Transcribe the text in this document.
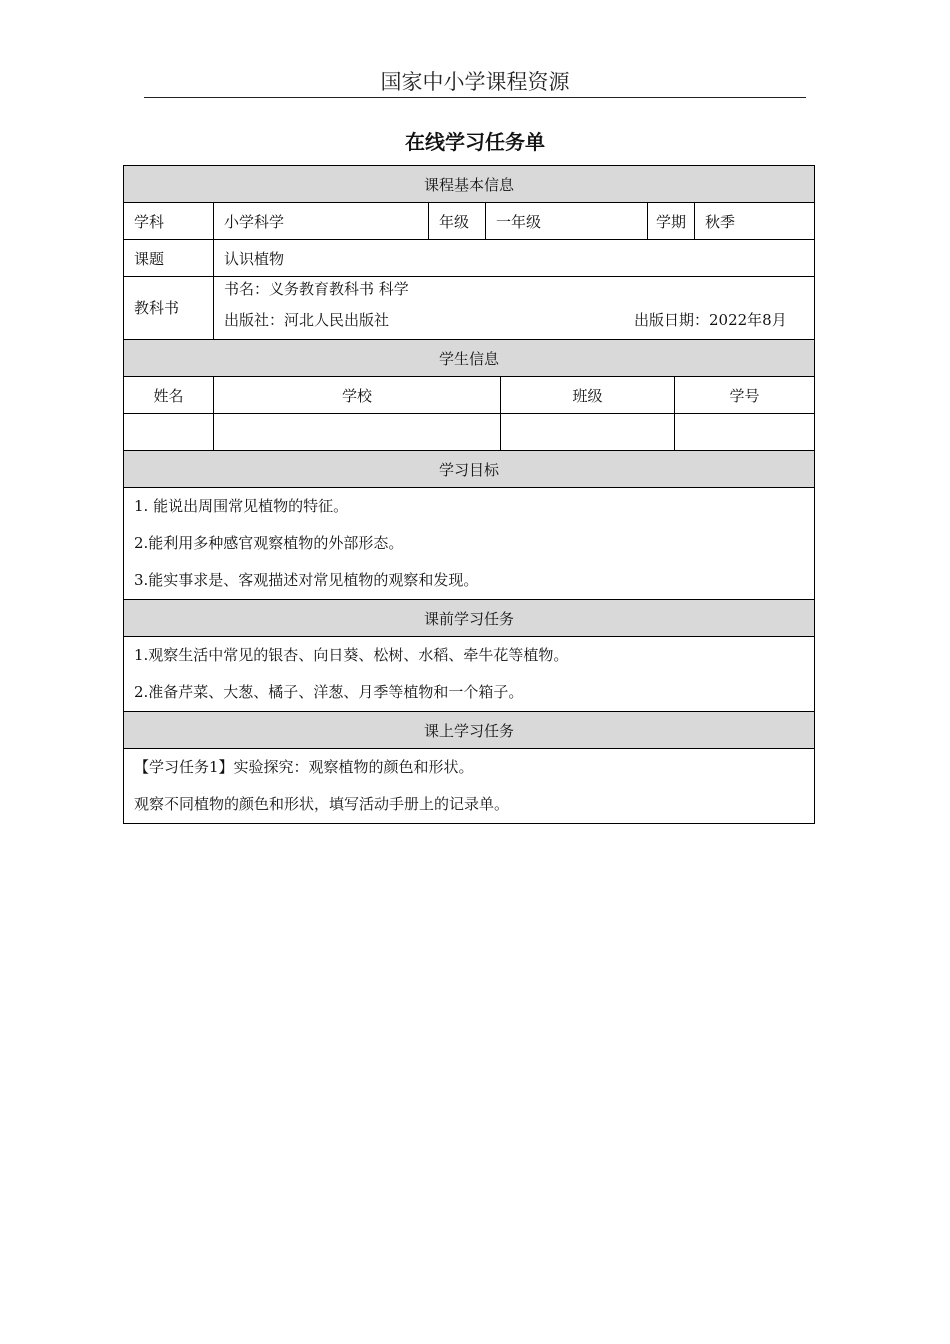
国家中小学课程资源
在线学习任务单
课程基本信息							
学科	小学科学	年级	一年级		学期		秋季
课题	认识植物						

教科书	书名：义务教育教科书 科学
出版社：河北人民出版社 出版日期：2022年8月						

学生信息							
姓名	学校			班级		学号	

学习目标							

1. 能说出周围常见植物的特征。
2.能利用多种感官观察植物的外部形态。
3.能实事求是、客观描述对常见植物的观察和发现。							

课前学习任务							

1.观察生活中常见的银杏、向日葵、松树、水稻、牵牛花等植物。
2.准备芹菜、大葱、橘子、洋葱、月季等植物和一个箱子。							

课上学习任务							

【学习任务1】实验探究：观察植物的颜色和形状。
观察不同植物的颜色和形状，填写活动手册上的记录单。							
